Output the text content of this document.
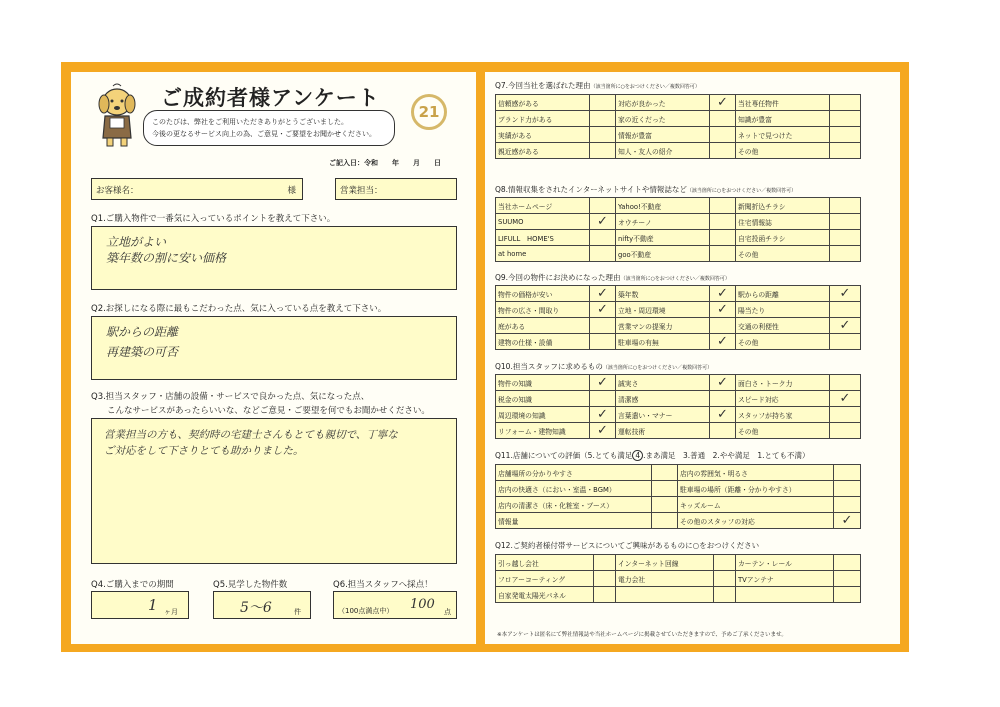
ご成約者様アンケート
このたびは、弊社をご利用いただきありがとうございました。
今後の更なるサービス向上の為、ご意見・ご要望をお聞かせください。
21
ご記入日：令和　　年　　月　　日
お客様名：	様	営業担当：
Q1.ご購入物件で一番気に入っているポイントを教えて下さい。
立地がよい
築年数の割に安い価格
Q2.お探しになる際に最もこだわった点、気に入っている点を教えて下さい。
駅からの距離
再建築の可否
Q3.担当スタッフ・店舗の設備・サービスで良かった点、気になった点、
こんなサービスがあったらいいな、などご意見・ご要望を何でもお聞かせください。
営業担当の方も、契約時の宅建士さんもとても親切で、丁寧な
ご対応をして下さりとても助かりました。
Q4.ご購入までの期間
1 ヶ月
Q5.見学した物件数
5〜6	件
Q6.担当スタッフへ採点！
（100点満点中） 100 点
Q7.今回当社を選ばれた理由（該当箇所に○をおつけください／複数回答可）
信頼感がある		対応が良かった	✓	当社専任物件	
ブランド力がある		家の近くだった		知識が豊富	
実績がある		情報が豊富		ネットで見つけた	
親近感がある		知人・友人の紹介		その他	
Q8.情報収集をされたインターネットサイトや情報誌など（該当箇所に○をおつけください／複数回答可）
当社ホームページ		Yahoo!不動産		新聞折込チラシ	
SUUMO	✓	オウチーノ		住宅情報誌	
LIFULL　HOME'S		nifty不動産		自宅投函チラシ	
at home		goo不動産		その他	
Q9.今回の物件にお決めになった理由（該当箇所に○をおつけください／複数回答可）
物件の価格が安い	✓	築年数	✓	駅からの距離	✓
物件の広さ・間取り	✓	立地・周辺環境	✓	陽当たり	
庭がある		営業マンの提案力		交通の利便性	✓
建物の仕様・設備		駐車場の有無	✓	その他	
Q10.担当スタッフに求めるもの（該当箇所に○をおつけください／複数回答可）
物件の知識	✓	誠実さ	✓	面白さ・トーク力	
税金の知識		清潔感		スピード対応	✓
周辺環境の知識	✓	言葉遣い・マナー	✓	スタッフが持ち家	
リフォーム・建物知識	✓	運転技術		その他	
Q11.店舗についての評価（5.とても満足 4 .まあ満足　3.普通　2.やや満足　1.とても不満）
店舗場所の分かりやすさ		店内の雰囲気・明るさ	
店内の快適さ（におい・室温・BGM）		駐車場の場所（距離・分かりやすさ）	
店内の清潔さ（床・化粧室・ブース）		キッズルーム	
情報量		その他のスタッフの対応	✓
Q12.ご契約者様付帯サービスについてご興味があるものに○をおつけください
引っ越し会社		インターネット回線		カーテン・レール	
フロアーコーティング		電力会社		TVアンテナ	
自家発電太陽光パネル					
※本アンケートは匿名にて弊社情報誌や当社ホームページに掲載させていただきますので、予めご了承くださいませ。
